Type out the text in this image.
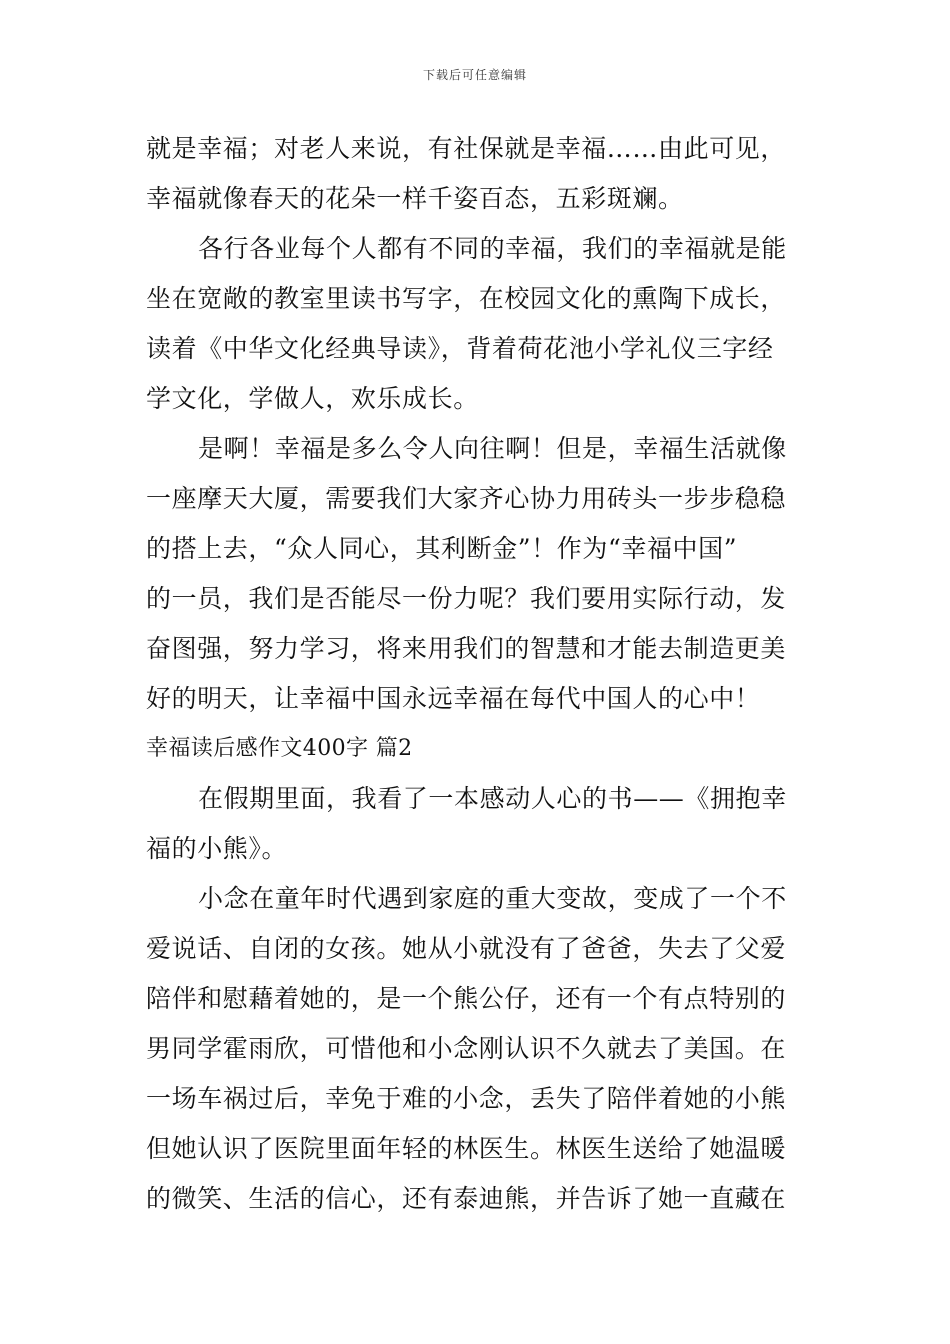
下载后可任意编辑
就是幸福；对老人来说，有社保就是幸福……由此可见，
幸福就像春天的花朵一样千姿百态，五彩斑斓。
各行各业每个人都有不同的幸福，我们的幸福就是能
坐在宽敞的教室里读书写字，在校园文化的熏陶下成长，
读着《中华文化经典导读》，背着荷花池小学礼仪三字经
学文化，学做人，欢乐成长。
是啊！幸福是多么令人向往啊！但是，幸福生活就像
一座摩天大厦，需要我们大家齐心协力用砖头一步步稳稳
的搭上去，“众人同心，其利断金”！作为“幸福中国”
的一员，我们是否能尽一份力呢？我们要用实际行动，发
奋图强，努力学习，将来用我们的智慧和才能去制造更美
好的明天，让幸福中国永远幸福在每代中国人的心中！
幸福读后感作文400字 篇2
在假期里面，我看了一本感动人心的书——《拥抱幸
福的小熊》。
小念在童年时代遇到家庭的重大变故，变成了一个不
爱说话、自闭的女孩。她从小就没有了爸爸，失去了父爱
陪伴和慰藉着她的，是一个熊公仔，还有一个有点特别的
男同学霍雨欣，可惜他和小念刚认识不久就去了美国。在
一场车祸过后，幸免于难的小念，丢失了陪伴着她的小熊
但她认识了医院里面年轻的林医生。林医生送给了她温暖
的微笑、生活的信心，还有泰迪熊，并告诉了她一直藏在
